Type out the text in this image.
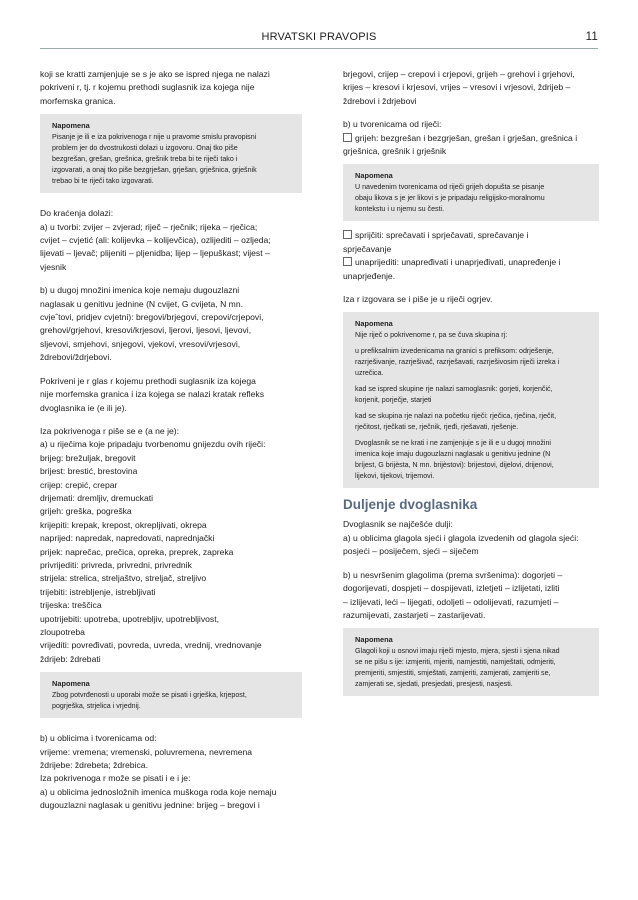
HRVATSKI PRAVOPIS	11

koji se kratti zamjenjuje se s je ako se ispred njega ne nalazi

pokriveni r, tj. r kojemu prethodi suglasnik iza kojega nije

morfemska granica.

Napomena

Pisanje je ili e iza pokrivenoga r nije u pravome smislu pravopisni

problem jer do dvostrukosti dolazi u izgovoru. Onaj tko piše

bezgrešan, grešan, grešnica, grešnik treba bi te riječi tako i

izgovarati, a onaj tko piše bezgrješan, grješan, grješnica, grješnik

trebao bi te riječi tako izgovarati.

Do kraćenja dolazi:

a) u tvorbi: zvijer – zvjerad; riječ – rječnik; rijeka – rječica;

cvijet – cvjetić (ali: kolijevka – kolijevčica), ozlijediti – ozljeda;

lijevati – ljevač; plijeniti – pljenidba; lijep – ljepuškast; vijest –

vjesnik

b) u dugoj množini imenica koje nemaju dugouzlazni

naglasak u genitivu jednine (N cvijet, G cvijeta, N mn.

cvjeˆtovi, pridjev cvjetni): bregovi/brjegovi, crepovi/crjepovi,

grehovi/grjehovi, kresovi/krjesovi, ljerovi, ljesovi, ljevovi,

sljevovi, smjehovi, snjegovi, vjekovi, vresovi/vrjesovi,

ždrebovi/ždrjebovi.

Pokriveni je r glas r kojemu prethodi suglasnik iza kojega

nije morfemska granica i iza kojega se nalazi kratak refleks

dvoglasnika ie (e ili je).

Iza pokrivenoga r piše se e (a ne je):

a) u riječima koje pripadaju tvorbenomu gnijezdu ovih riječi:

brijeg: brežuljak, bregovit

brijest: brestić, brestovina

crijep: crepić, crepar

drijemati: dremljiv, dremuckati

grijeh: greška, pogreška

krijepiti: krepak, krepost, okrepljivati, okrepa

naprijed: napredak, napredovati, naprednjački

prijek: naprečac, prečica, opreka, preprek, zapreka

privrijediti: privreda, privredni, privrednik

strijela: strelica, strelјaštvo, strelјač, strelјivo

trijebiti: istrebljenje, istrebljivati

trijeska: treščica

upotrijebiti: upotreba, upotrebljiv, upotrebljivost,

zloupotreba

vrijediti: povređivati, povreda, uvreda, vrednij, vrednovanje

ždrijeb: ždrebati

Napomena

Zbog potvrđenosti u uporabi može se pisati i grješka, krjepost,

pogrješka, strjelica i vrjednij.

b) u oblicima i tvorenicama od:

vrijeme: vremena; vremenski, poluvremena, nevremena

ždrijebe: ždrebeta; ždrebica.

Iza pokrivenoga r može se pisati i e i je:

a) u oblicima jednosložnih imenica muškoga roda koje nemaju

dugouzlazni naglasak u genitivu jednine: brijeg – bregovi i

brjegovi, crijep – crepovi i crjepovi, grijeh – grehovi i grjehovi,

krijes – kresovi i krjesovi, vrijes – vresovi i vrjesovi, ždrijeb –

ždrebovi i ždrjebovi

b) u tvorenicama od riječi:

grijeh: bezgrešan i bezgrješan, grešan i grješan, grešnica i

grješnica, grešnik i grješnik

Napomena

U navedenim tvorenicama od riječi grijeh dopušta se pisanje

obaju likova s je jer likovi s je pripadaju religijsko-moralnomu

kontekstu i u njemu su česti.

sprijčiti: sprečavati i sprječavati, sprečavanje i

sprječavanje

unaprijediti: unapređivati i unaprjeđivati, unapređenje i

unaprjeđenje.

Iza r izgovara se i piše je u riječi ogrjev.

Napomena

Nije riječ o pokrivenome r, pa se čuva skupina rj:

u prefiksalnim izvedenicama na granici s prefiksom: odrješenje,

razrješivanje, razrješivač, razrješavati, razrješivosim riječi izreka i

uzrečica.

kad se ispred skupine rje nalazi samoglasnik: gorjeti, korjenčić,

korjenit, porječje, starjeti

kad se skupina rje nalazi na početku riječi: rječica, rječina, rječit,

rječitost, rječkati se, rječnik, rjeđi, rješavati, rješenje.

Dvoglasnik se ne krati i ne zamjenjuje s je ili e u dugoj množini

imenica koje imaju dugouzlazni naglasak u genitivu jednine (N

bríjest, G brijèsta, N mn. brijèstovi): brijestovi, dijelovi, drijenovi,

lijekovi, tijekovi, trijemovi.

Duljenje dvoglasnika

Dvoglasnik se najčešće dulji:

a) u oblicima glagola sjeći i glagola izvedenih od glagola sjeći:

posjeći – posiječem, sjeći – siječem

b) u nesvršenim glagolima (prema svršenima): dogorjeti –

dogorijevati, dospjeti – dospijevati, izletjeti – izlijetati, izliti

– izlijevati, leći – lijegati, odoljeti – odolijevati, razumjeti –

razumijevati, zastarjeti – zastarijevati.

Napomena

Glagoli koji u osnovi imaju riječi mjesto, mjera, sjesti i sjena nikad

se ne pišu s ije: izmjeriti, mjeriti, namjestiti, namještati, odmjeriti,

premjeriti, smjestiti, smještati, zamjeriti, zamjerati, zamjeriti se,

zamjerati se, sjedati, presjedati, presjesti, nasjesti.
